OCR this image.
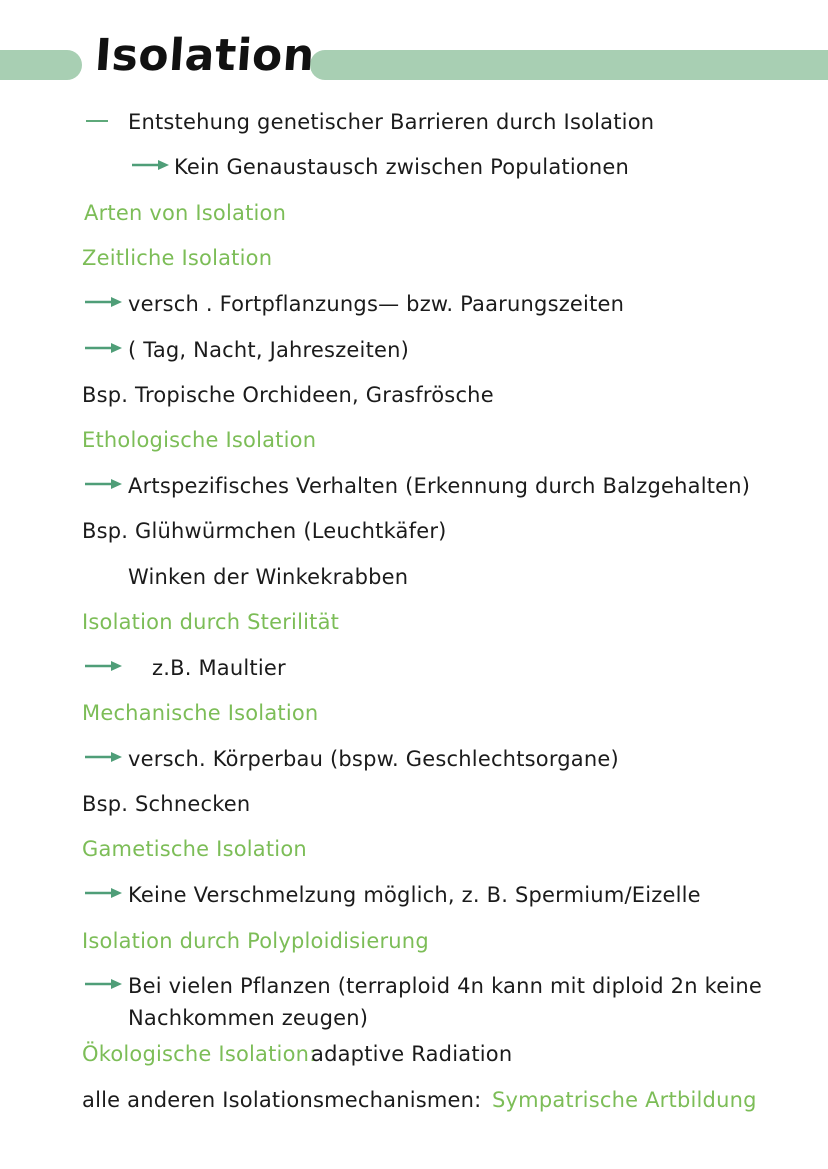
Isolation
Entstehung genetischer Barrieren durch Isolation
Kein Genaustausch zwischen Populationen
Arten von Isolation
Zeitliche Isolation
versch . Fortpflanzungs— bzw. Paarungszeiten
( Tag, Nacht, Jahreszeiten)
Bsp. Tropische Orchideen, Grasfrösche
Ethologische Isolation
Artspezifisches Verhalten (Erkennung durch Balzgehalten)
Bsp. Glühwürmchen (Leuchtkäfer)
Winken der Winkekrabben
Isolation durch Sterilität
z.B. Maultier
Mechanische Isolation
versch. Körperbau (bspw. Geschlechtsorgane)
Bsp. Schnecken
Gametische Isolation
Keine Verschmelzung möglich, z. B. Spermium/Eizelle
Isolation durch Polyploidisierung
Bei vielen Pflanzen (terraploid 4n kann mit diploid 2n keine
Nachkommen zeugen)
Ökologische Isolation:
adaptive Radiation
alle anderen Isolationsmechanismen: Sympatrische Artbildung
